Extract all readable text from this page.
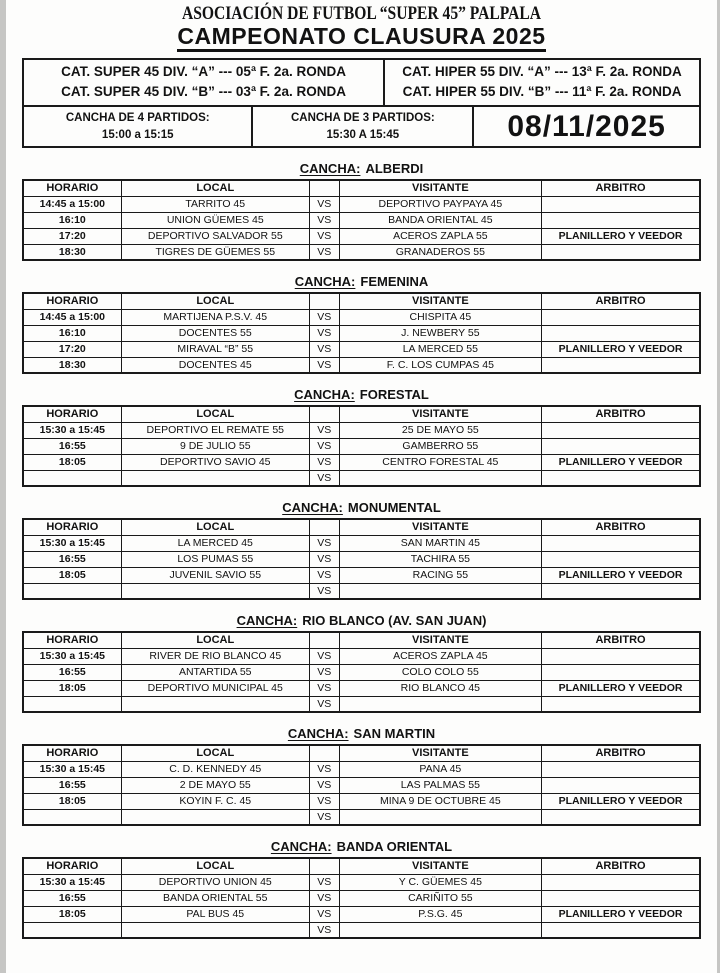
ASOCIACIÓN DE FUTBOL “SUPER 45” PALPALA
CAMPEONATO CLAUSURA 2025
CAT. SUPER 45 DIV. “A” --- 05ª F. 2a. RONDA
CAT. SUPER 45 DIV. “B” --- 03ª F. 2a. RONDA
CAT. HIPER 55 DIV. “A” --- 13ª F. 2a. RONDA
CAT. HIPER 55 DIV. “B” --- 11ª F. 2a. RONDA
CANCHA DE 4 PARTIDOS:
15:00 a 15:15
CANCHA DE 3 PARTIDOS:
15:30 A 15:45	08/11/2025
CANCHA: ALBERDI
HORARIO	LOCAL		VISITANTE	ARBITRO
14:45 a 15:00	TARRITO 45	VS	DEPORTIVO PAYPAYA 45	
16:10	UNION GÜEMES 45	VS	BANDA ORIENTAL 45	
17:20	DEPORTIVO SALVADOR 55	VS	ACEROS ZAPLA 55	PLANILLERO Y VEEDOR
18:30	TIGRES DE GÜEMES 55	VS	GRANADEROS 55	
CANCHA: FEMENINA
HORARIO	LOCAL		VISITANTE	ARBITRO
14:45 a 15:00	MARTIJENA P.S.V. 45	VS	CHISPITA 45	
16:10	DOCENTES 55	VS	J. NEWBERY 55	
17:20	MIRAVAL “B” 55	VS	LA MERCED 55	PLANILLERO Y VEEDOR
18:30	DOCENTES 45	VS	F. C. LOS CUMPAS 45	
CANCHA: FORESTAL
HORARIO	LOCAL		VISITANTE	ARBITRO
15:30 a 15:45	DEPORTIVO EL REMATE 55	VS	25 DE MAYO 55	
16:55	9 DE JULIO 55	VS	GAMBERRO 55	
18:05	DEPORTIVO SAVIO 45	VS	CENTRO FORESTAL 45	PLANILLERO Y VEEDOR
		VS		
CANCHA: MONUMENTAL
HORARIO	LOCAL		VISITANTE	ARBITRO
15:30 a 15:45	LA MERCED 45	VS	SAN MARTIN 45	
16:55	LOS PUMAS 55	VS	TACHIRA 55	
18:05	JUVENIL SAVIO 55	VS	RACING 55	PLANILLERO Y VEEDOR
		VS		
CANCHA: RIO BLANCO (AV. SAN JUAN)
HORARIO	LOCAL		VISITANTE	ARBITRO
15:30 a 15:45	RIVER DE RIO BLANCO 45	VS	ACEROS ZAPLA 45	
16:55	ANTARTIDA 55	VS	COLO COLO 55	
18:05	DEPORTIVO MUNICIPAL 45	VS	RIO BLANCO 45	PLANILLERO Y VEEDOR
		VS		
CANCHA: SAN MARTIN
HORARIO	LOCAL		VISITANTE	ARBITRO
15:30 a 15:45	C. D. KENNEDY 45	VS	PANA 45	
16:55	2 DE MAYO 55	VS	LAS PALMAS 55	
18:05	KOYIN F. C. 45	VS	MINA 9 DE OCTUBRE 45	PLANILLERO Y VEEDOR
		VS		
CANCHA: BANDA ORIENTAL
HORARIO	LOCAL		VISITANTE	ARBITRO
15:30 a 15:45	DEPORTIVO UNION 45	VS	Y C. GÜEMES 45	
16:55	BANDA ORIENTAL 55	VS	CARIÑITO 55	
18:05	PAL BUS 45	VS	P.S.G. 45	PLANILLERO Y VEEDOR
		VS		
